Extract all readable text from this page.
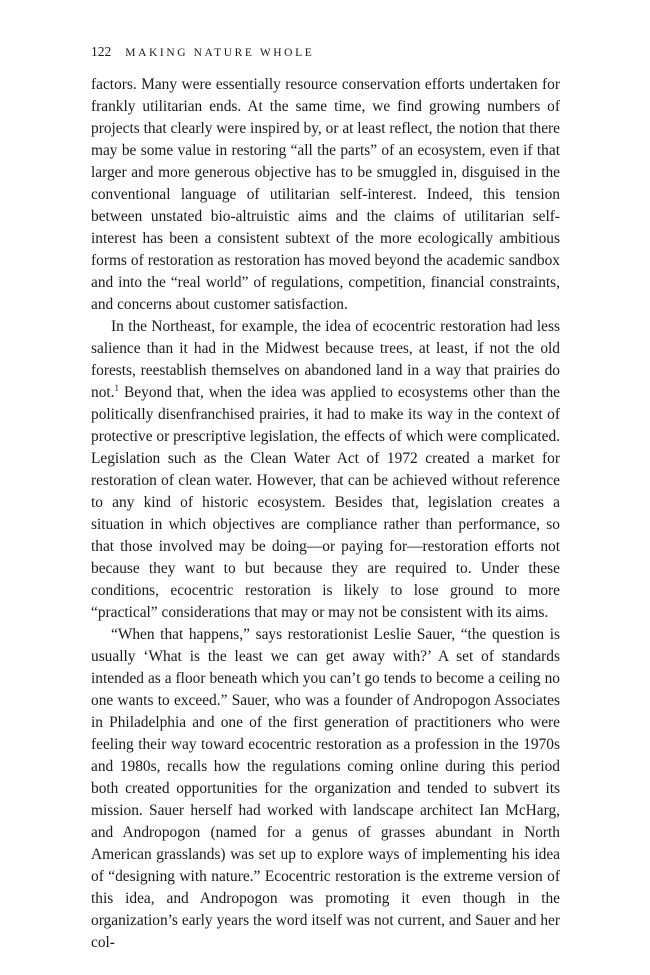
122 MAKING NATURE WHOLE

factors. Many were essentially resource conservation efforts undertaken for frankly utilitarian ends. At the same time, we find growing numbers of projects that clearly were inspired by, or at least reflect, the notion that there may be some value in restoring “all the parts” of an ecosystem, even if that larger and more generous objective has to be smuggled in, disguised in the conventional language of utilitarian self-interest. Indeed, this tension between unstated bio-altruistic aims and the claims of utilitarian self-interest has been a consistent subtext of the more ecologically ambitious forms of restoration as restoration has moved beyond the academic sandbox and into the “real world” of regulations, competition, financial constraints, and concerns about customer satisfaction.

In the Northeast, for example, the idea of ecocentric restoration had less salience than it had in the Midwest because trees, at least, if not the old forests, reestablish themselves on abandoned land in a way that prairies do not.$^1$ Beyond that, when the idea was applied to ecosystems other than the politically disenfranchised prairies, it had to make its way in the context of protective or prescriptive legislation, the effects of which were complicated. Legislation such as the Clean Water Act of 1972 created a market for restoration of clean water. However, that can be achieved without reference to any kind of historic ecosystem. Besides that, legislation creates a situation in which objectives are compliance rather than performance, so that those involved may be doing—or paying for—restoration efforts not because they want to but because they are required to. Under these conditions, ecocentric restoration is likely to lose ground to more “practical” considerations that may or may not be consistent with its aims.

“When that happens,” says restorationist Leslie Sauer, “the question is usually ‘What is the least we can get away with?’ A set of standards intended as a floor beneath which you can’t go tends to become a ceiling no one wants to exceed.” Sauer, who was a founder of Andropogon Associates in Philadelphia and one of the first generation of practitioners who were feeling their way toward ecocentric restoration as a profession in the 1970s and 1980s, recalls how the regulations coming online during this period both created opportunities for the organization and tended to subvert its mission. Sauer herself had worked with landscape architect Ian McHarg, and Andropogon (named for a genus of grasses abundant in North American grasslands) was set up to explore ways of implementing his idea of “designing with nature.” Ecocentric restoration is the extreme version of this idea, and Andropogon was promoting it even though in the organization’s early years the word itself was not current, and Sauer and her col-
